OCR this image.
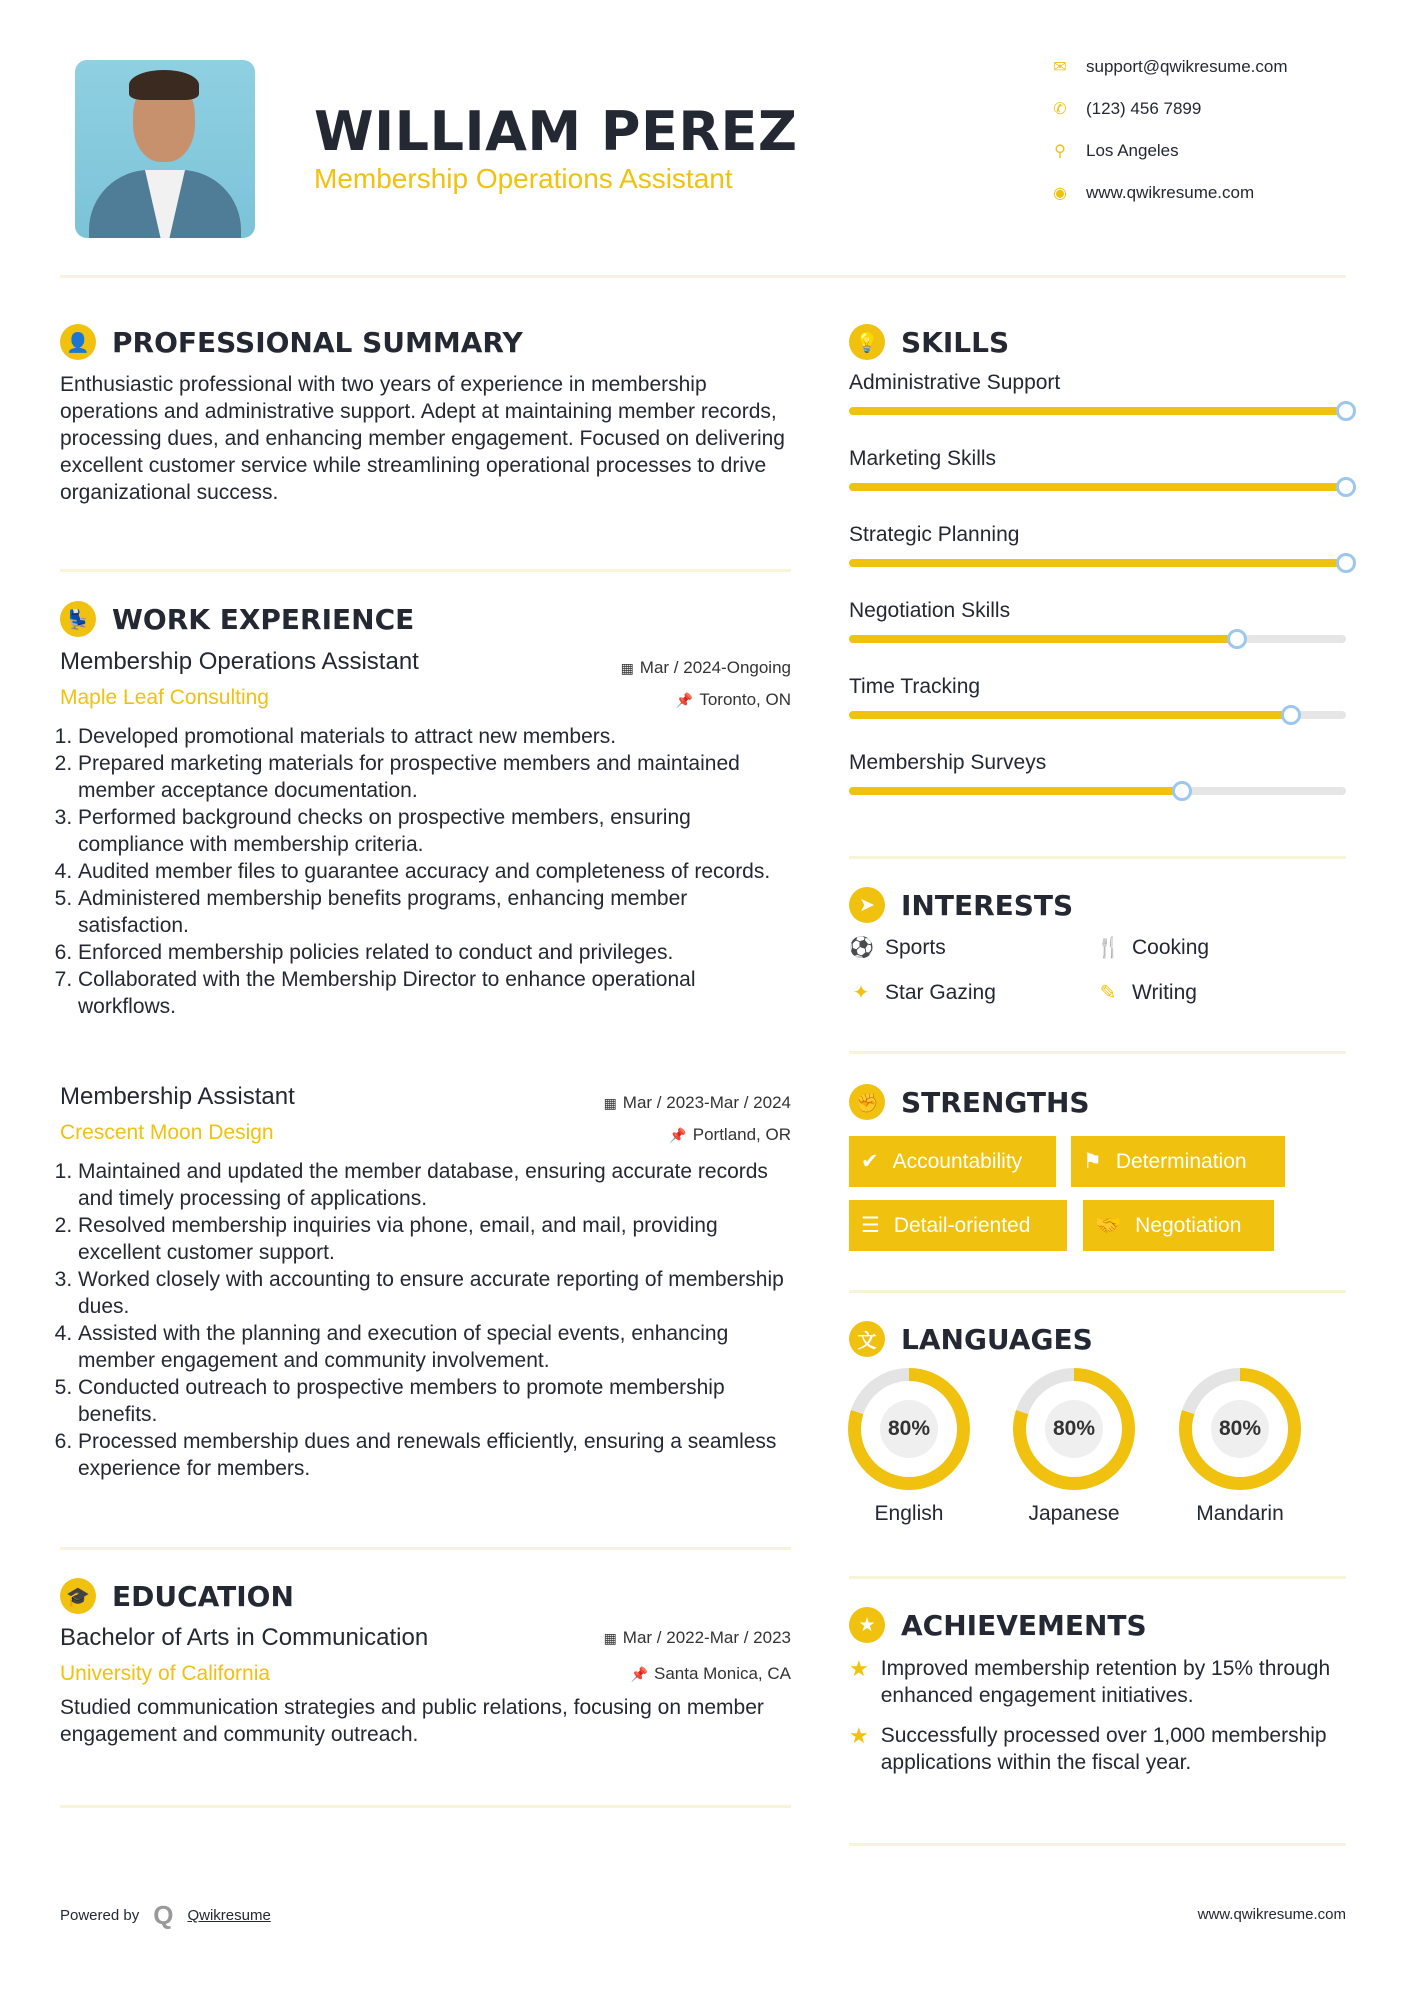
WILLIAM PEREZ
Membership Operations Assistant
✉ support@qwikresume.com
✆ (123) 456 7899
⚲ Los Angeles
◉ www.qwikresume.com
👤 PROFESSIONAL SUMMARY
Enthusiastic professional with two years of experience in membership operations and administrative support. Adept at maintaining member records, processing dues, and enhancing member engagement. Focused on delivering excellent customer service while streamlining operational processes to drive organizational success.
💺 WORK EXPERIENCE
Membership Operations Assistant	▦ Mar / 2024-Ongoing
Maple Leaf Consulting	📌 Toronto, ON
1. Developed promotional materials to attract new members.
2. Prepared marketing materials for prospective members and maintained member acceptance documentation.
3. Performed background checks on prospective members, ensuring compliance with membership criteria.
4. Audited member files to guarantee accuracy and completeness of records.
5. Administered membership benefits programs, enhancing member satisfaction.
6. Enforced membership policies related to conduct and privileges.
7. Collaborated with the Membership Director to enhance operational workflows.
Membership Assistant	▦ Mar / 2023-Mar / 2024
Crescent Moon Design	📌 Portland, OR
1. Maintained and updated the member database, ensuring accurate records and timely processing of applications.
2. Resolved membership inquiries via phone, email, and mail, providing excellent customer support.
3. Worked closely with accounting to ensure accurate reporting of membership dues.
4. Assisted with the planning and execution of special events, enhancing member engagement and community involvement.
5. Conducted outreach to prospective members to promote membership benefits.
6. Processed membership dues and renewals efficiently, ensuring a seamless experience for members.
🎓 EDUCATION
Bachelor of Arts in Communication	▦ Mar / 2022-Mar / 2023
University of California	📌 Santa Monica, CA
Studied communication strategies and public relations, focusing on member engagement and community outreach.
💡 SKILLS
Administrative Support
Marketing Skills
Strategic Planning
Negotiation Skills
Time Tracking
Membership Surveys
➤ INTERESTS
⚽ Sports	🍴 Cooking
✦ Star Gazing	✎ Writing
✊ STRENGTHS
✔ Accountability	⚑ Determination
☰ Detail-oriented	🤝 Negotiation
文 LANGUAGES
80%
English
80%
Japanese
80%
Mandarin
★ ACHIEVEMENTS
★ Improved membership retention by 15% through enhanced engagement initiatives.
★ Successfully processed over 1,000 membership applications within the fiscal year.
Powered by Q Qwikresume	www.qwikresume.com
